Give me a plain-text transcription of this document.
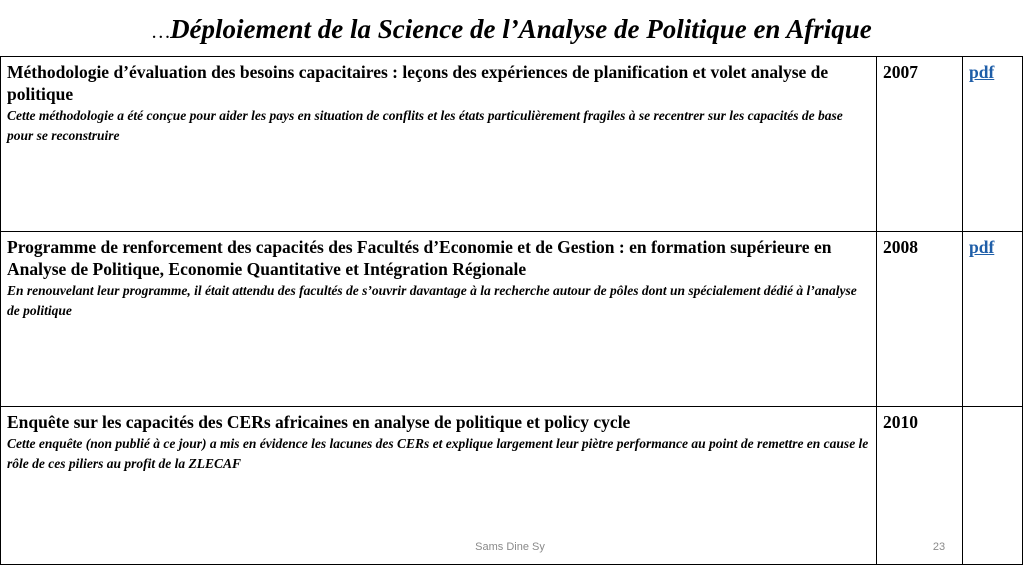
…Déploiement de la Science de l’Analyse de Politique en Afrique
Méthodologie d’évaluation des besoins capacitaires : leçons des expériences de planification et volet analyse de politique
Cette méthodologie a été conçue pour aider les pays en situation de conflits et les états particulièrement fragiles à se recentrer sur les capacités de base pour se reconstruire	2007	pdf

Programme de renforcement des capacités des Facultés d’Economie et de Gestion : en formation supérieure en Analyse de Politique, Economie Quantitative et Intégration Régionale
En renouvelant leur programme, il était attendu des facultés de s’ouvrir davantage à la recherche autour de pôles dont un spécialement dédié à l’analyse de politique	2008	pdf

Enquête sur les capacités des CERs africaines en analyse de politique et policy cycle
Cette enquête (non publié à ce jour) a mis en évidence les lacunes des CERs et explique largement leur piètre performance au point de remettre en cause le rôle de ces piliers au profit de la ZLECAF	2010	

Sams Dine Sy	23
